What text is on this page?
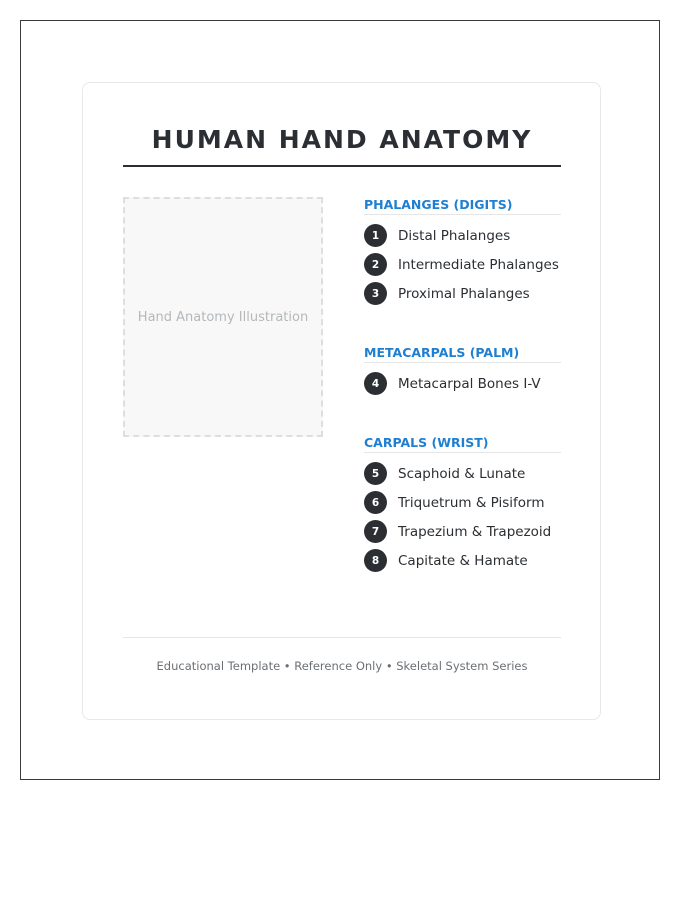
HUMAN HAND ANATOMY
Hand Anatomy Illustration
PHALANGES (DIGITS)
1	Distal Phalanges
2	Intermediate Phalanges
3	Proximal Phalanges
METACARPALS (PALM)
4	Metacarpal Bones I-V
CARPALS (WRIST)
5	Scaphoid & Lunate
6	Triquetrum & Pisiform
7	Trapezium & Trapezoid
8	Capitate & Hamate
Educational Template • Reference Only • Skeletal System Series
